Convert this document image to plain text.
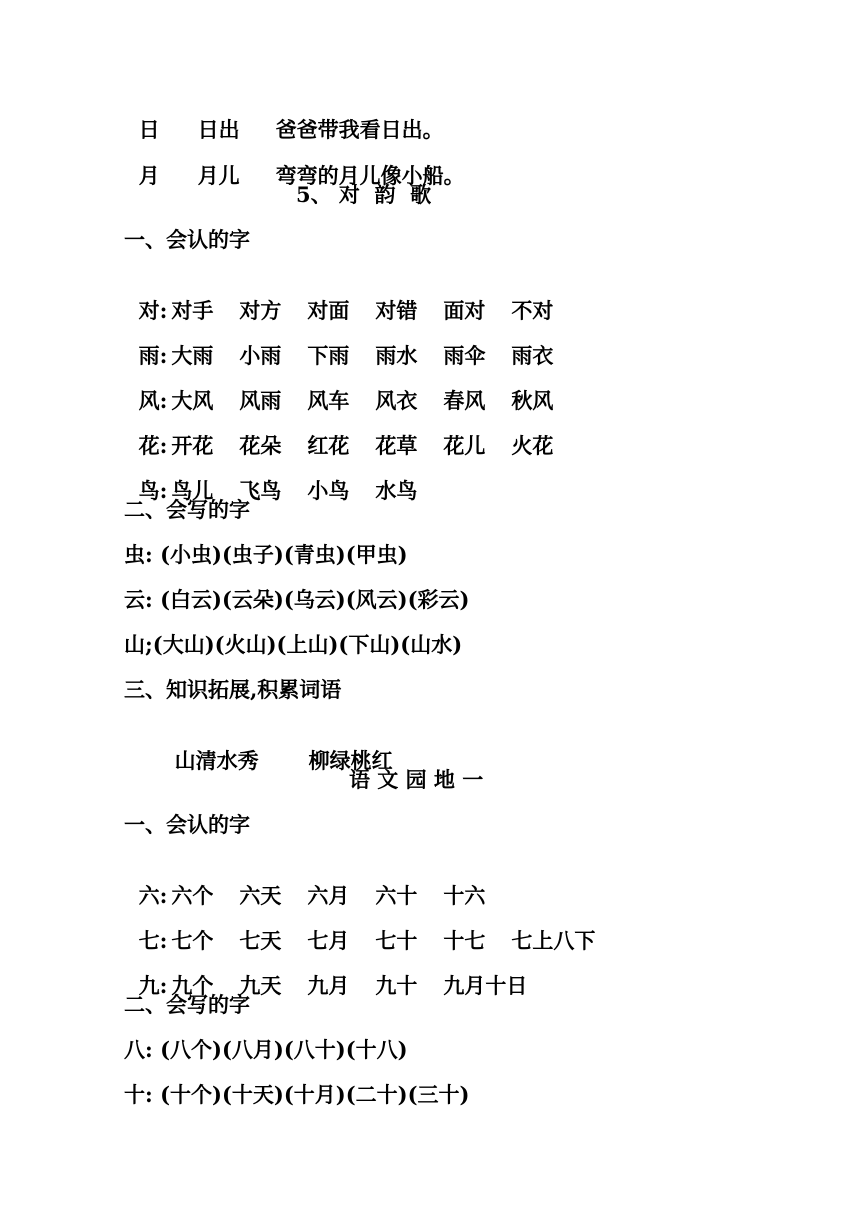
日 日出 爸爸带我看日出。

月 月儿 弯弯的月儿像小船。

5、 对  韵  歌
一、会认的字

对: 对手 对方 对面 对错 面对 不对

雨: 大雨 小雨 下雨 雨水 雨伞 雨衣

风: 大风 风雨 风车 风衣 春风 秋风

花: 开花 花朵 红花 花草 花儿 火花

鸟: 鸟儿 飞鸟 小鸟 水鸟

二、会写的字
虫: (小虫)(虫子)(青虫)(甲虫)
云: (白云)(云朵)(乌云)(风云)(彩云)
山;(大山)(火山)(上山)(下山)(山水)
三、知识拓展,积累词语

山清水秀 柳绿桃红

语 文 园 地 一
一、会认的字

六: 六个 六天 六月 六十 十六

七: 七个 七天 七月 七十 十七 七上八下

九: 九个 九天 九月 九十 九月十日

二、会写的字
八: (八个)(八月)(八十)(十八)
十: (十个)(十天)(十月)(二十)(三十)
